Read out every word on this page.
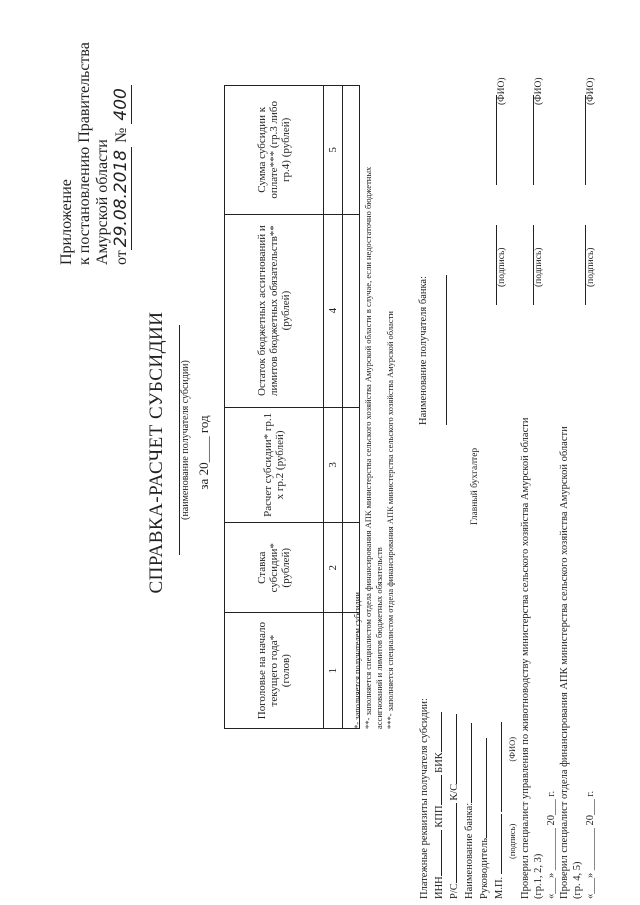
Приложение к постановлению Правительства Амурской области от29.08.2018 № 400
СПРАВКА-РАСЧЕТ СУБСИДИИ (наименование получателя субсидии) за 20____ год
Поголовье на начало текущего года* (голов)	Ставка субсидии* (рублей)	Расчет субсидии* гр.1 х гр.2 (рублей)	Остаток бюджетных ассигнований и лимитов бюджетных обязательств** (рублей)	Сумма субсидии к оплате*** (гр.3 либо гр.4) (рублей)
1	2	3	4	5

*- заполняется получателем субсидии **- заполняется специалистом отдела финансирования АПК министерства сельского хозяйства Амурской области в случае, если недостаточно бюджетных ассигнований и лимитов бюджетных обязательств ***- заполняется специалистом отдела финансирования АПК министерства сельского хозяйства Амурской области
Платежные реквизиты получателя субсидии: ИНН КПП БИК
Р/С К/С
Наименование банка: Руководитель М.П.
(подпись) (ФИО) Проверил специалист управления по животноводству министерства сельского хозяйства Амурской области (гр.1, 2, 3) «___» ________ 20___ г. Проверил специалист отдела финансирования АПК министерства сельского хозяйства Амурской области (гр. 4, 5) «___» ________ 20___ г.
Наименование получателя банка:
Главный бухгалтер
(подпись)
(ФИО)
(подпись)
(ФИО)
(подпись)
(ФИО)
